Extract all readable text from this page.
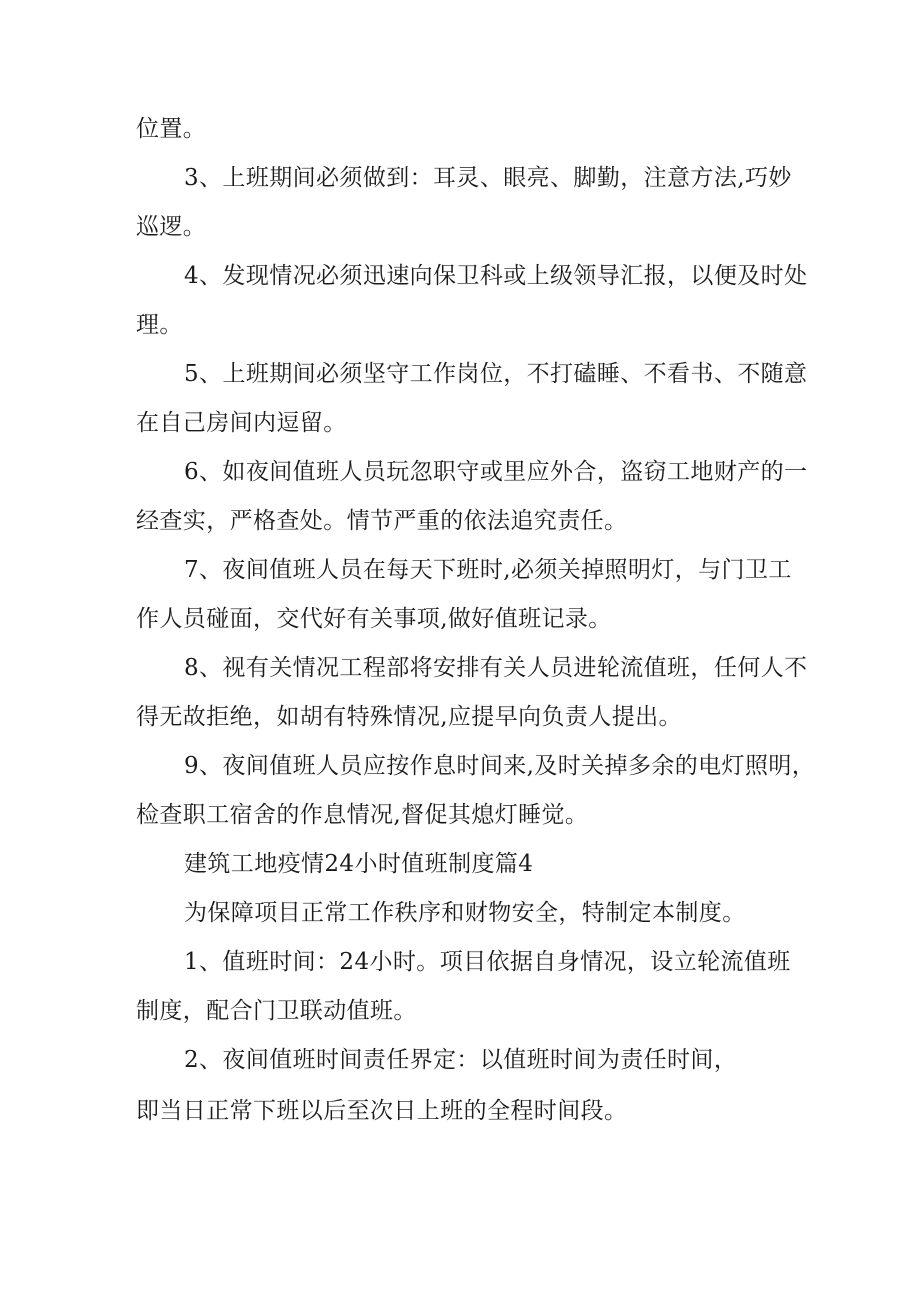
位置。

3、上班期间必须做到：耳灵、眼亮、脚勤，注意方法,巧妙

巡逻。

4、发现情况必须迅速向保卫科或上级领导汇报，以便及时处

理。

5、上班期间必须坚守工作岗位，不打磕睡、不看书、不随意

在自己房间内逗留。

6、如夜间值班人员玩忽职守或里应外合，盗窃工地财产的一

经查实，严格查处。情节严重的依法追究责任。

7、夜间值班人员在每天下班时,必须关掉照明灯，与门卫工

作人员碰面，交代好有关事项,做好值班记录。

8、视有关情况工程部将安排有关人员进轮流值班，任何人不

得无故拒绝，如胡有特殊情况,应提早向负责人提出。

9、夜间值班人员应按作息时间来,及时关掉多余的电灯照明，

检查职工宿舍的作息情况,督促其熄灯睡觉。

建筑工地疫情24小时值班制度篇4

为保障项目正常工作秩序和财物安全，特制定本制度。

1、值班时间：24小时。项目依据自身情况，设立轮流值班

制度，配合门卫联动值班。

2、夜间值班时间责任界定：以值班时间为责任时间，

即当日正常下班以后至次日上班的全程时间段。
